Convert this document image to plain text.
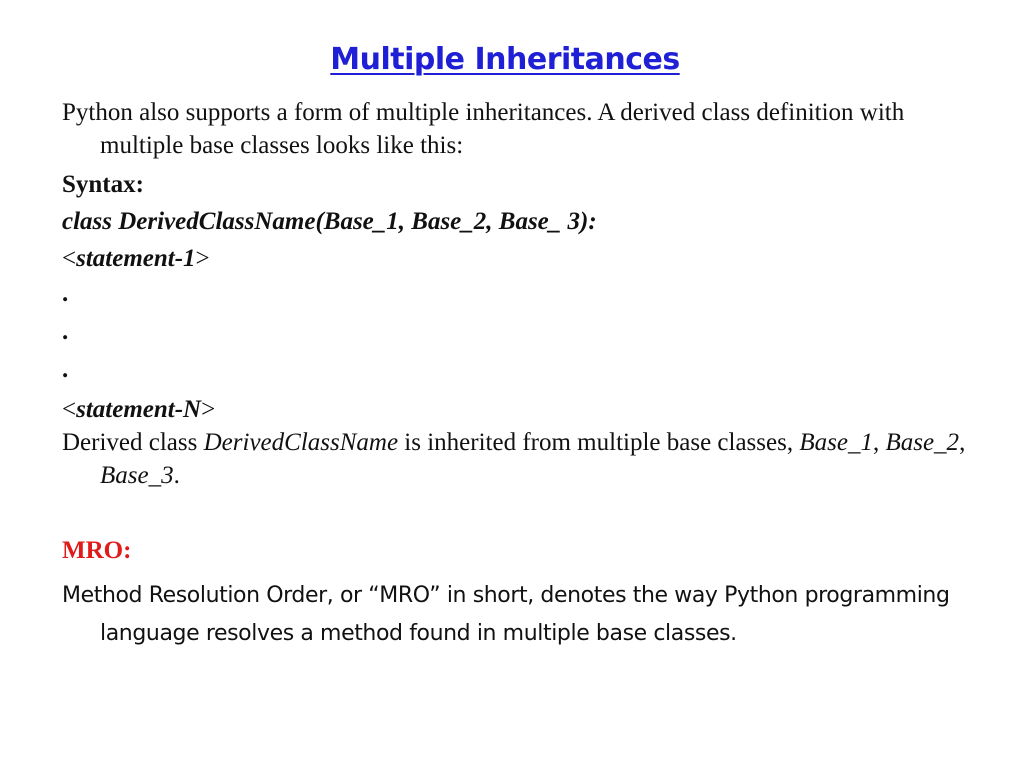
Multiple Inheritances
Python also supports a form of multiple inheritances. A derived class definition with multiple base classes looks like this:
Syntax:
class DerivedClassName(Base_1, Base_2, Base_ 3):
<statement-1>
.
.
.
<statement-N>
Derived class DerivedClassName is inherited from multiple base classes, Base_1, Base_2, Base_3.
MRO:
Method Resolution Order, or “MRO” in short, denotes the way Python programming language resolves a method found in multiple base classes.
